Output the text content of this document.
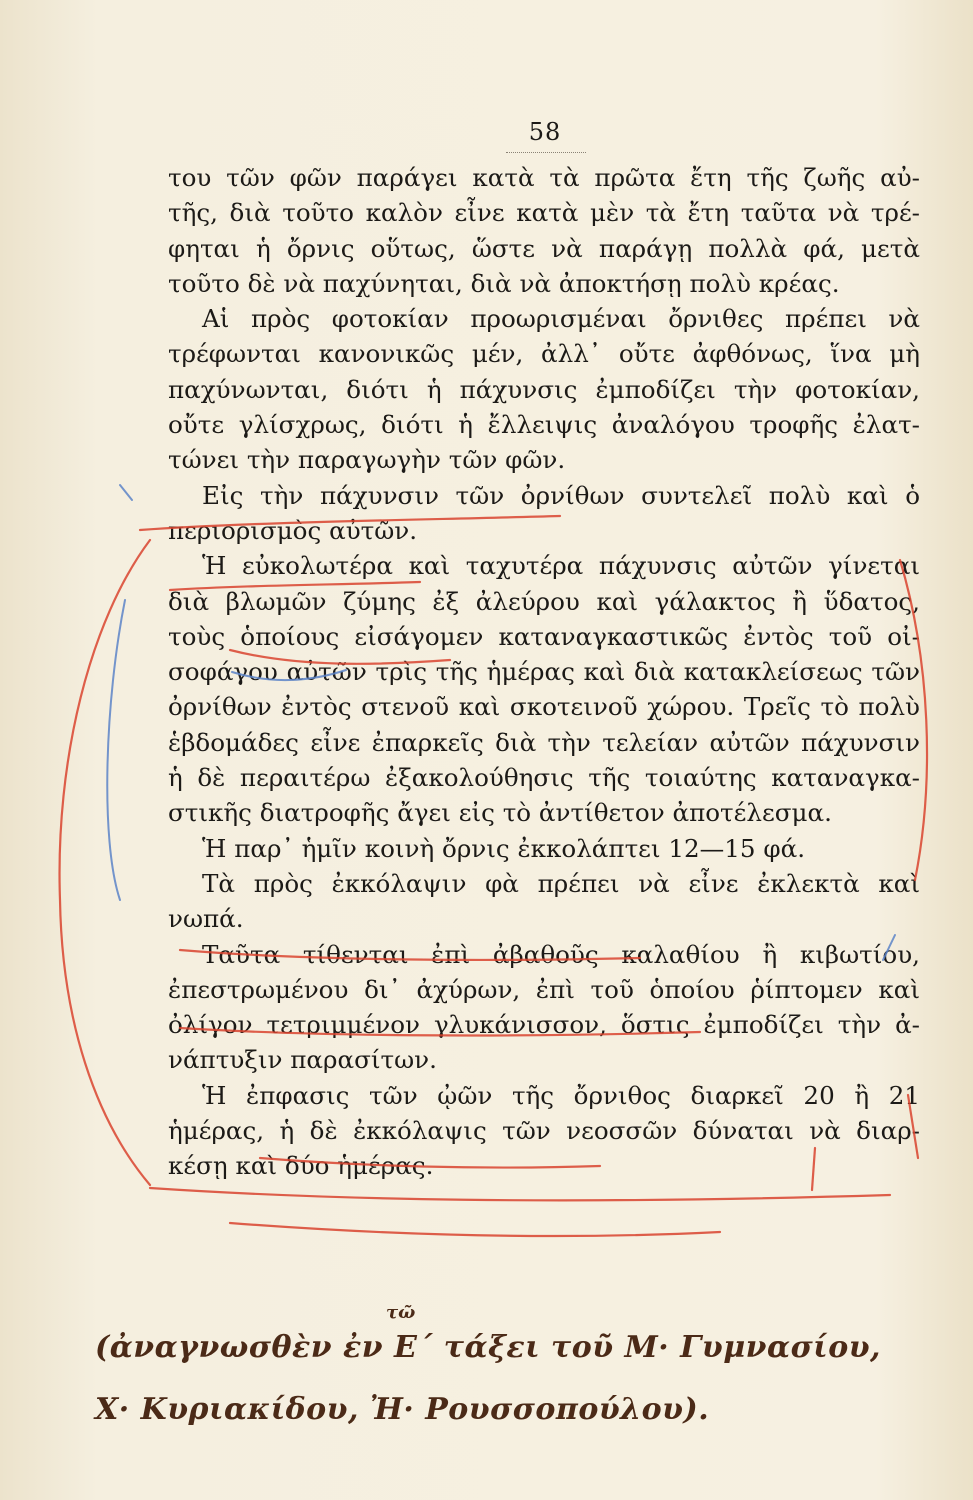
58
του τῶν φῶν παράγει κατὰ τὰ πρῶτα ἔτη τῆς ζωῆς αὐ-
τῆς, διὰ τοῦτο καλὸν εἶνε κατὰ μὲν τὰ ἔτη ταῦτα νὰ τρέ-
φηται ἡ ὄρνις οὕτως, ὥστε νὰ παράγῃ πολλὰ φά, μετὰ
τοῦτο δὲ νὰ παχύνηται, διὰ νὰ ἀποκτήσῃ πολὺ κρέας.
Αἱ πρὸς φοτοκίαν προωρισμέναι ὄρνιθες πρέπει νὰ
τρέφωνται κανονικῶς μέν, ἀλλ᾽ οὔτε ἀφθόνως, ἵνα μὴ
παχύνωνται, διότι ἡ πάχυνσις ἐμποδίζει τὴν φοτοκίαν,
οὔτε γλίσχρως, διότι ἡ ἔλλειψις ἀναλόγου τροφῆς ἐλατ-
τώνει τὴν παραγωγὴν τῶν φῶν.
Εἰς τὴν πάχυνσιν τῶν ὀρνίθων συντελεῖ πολὺ καὶ ὁ
περιορισμὸς αὐτῶν.
Ἡ εὐκολωτέρα καὶ ταχυτέρα πάχυνσις αὐτῶν γίνεται
διὰ βλωμῶν ζύμης ἐξ ἀλεύρου καὶ γάλακτος ἢ ὕδατος,
τοὺς ὁποίους εἰσάγομεν καταναγκαστικῶς ἐντὸς τοῦ οἰ-
σοφάγου αὐτῶν τρὶς τῆς ἡμέρας καὶ διὰ κατακλείσεως τῶν
ὀρνίθων ἐντὸς στενοῦ καὶ σκοτεινοῦ χώρου. Τρεῖς τὸ πολὺ
ἑβδομάδες εἶνε ἐπαρκεῖς διὰ τὴν τελείαν αὐτῶν πάχυνσιν
ἡ δὲ περαιτέρω ἐξακολούθησις τῆς τοιαύτης καταναγκα-
στικῆς διατροφῆς ἄγει εἰς τὸ ἀντίθετον ἀποτέλεσμα.
Ἡ παρ᾽ ἡμῖν κοινὴ ὄρνις ἐκκολάπτει 12—15 φά.
Τὰ πρὸς ἐκκόλαψιν φὰ πρέπει νὰ εἶνε ἐκλεκτὰ καὶ
νωπά.
Ταῦτα τίθενται ἐπὶ ἀβαθοῦς καλαθίου ἢ κιβωτίου,
ἐπεστρωμένου δι᾽ ἀχύρων, ἐπὶ τοῦ ὁποίου ῥίπτομεν καὶ
ὀλίγον τετριμμένον γλυκάνισσον, ὅστις ἐμποδίζει τὴν ἀ-
νάπτυξιν παρασίτων.
Ἡ ἐπφασις τῶν ᾠῶν τῆς ὄρνιθος διαρκεῖ 20 ἢ 21
ἡμέρας, ἡ δὲ ἐκκόλαψις τῶν νεοσσῶν δύναται νὰ διαρ-
κέσῃ καὶ δύο ἡμέρας.
τῶ
(ἀναγνωσθὲν ἐν Ε΄ τάξει τοῦ Μ· Γυμνασίου,
Χ· Κυριακίδου, Ἠ· Ρουσσοπούλου).
